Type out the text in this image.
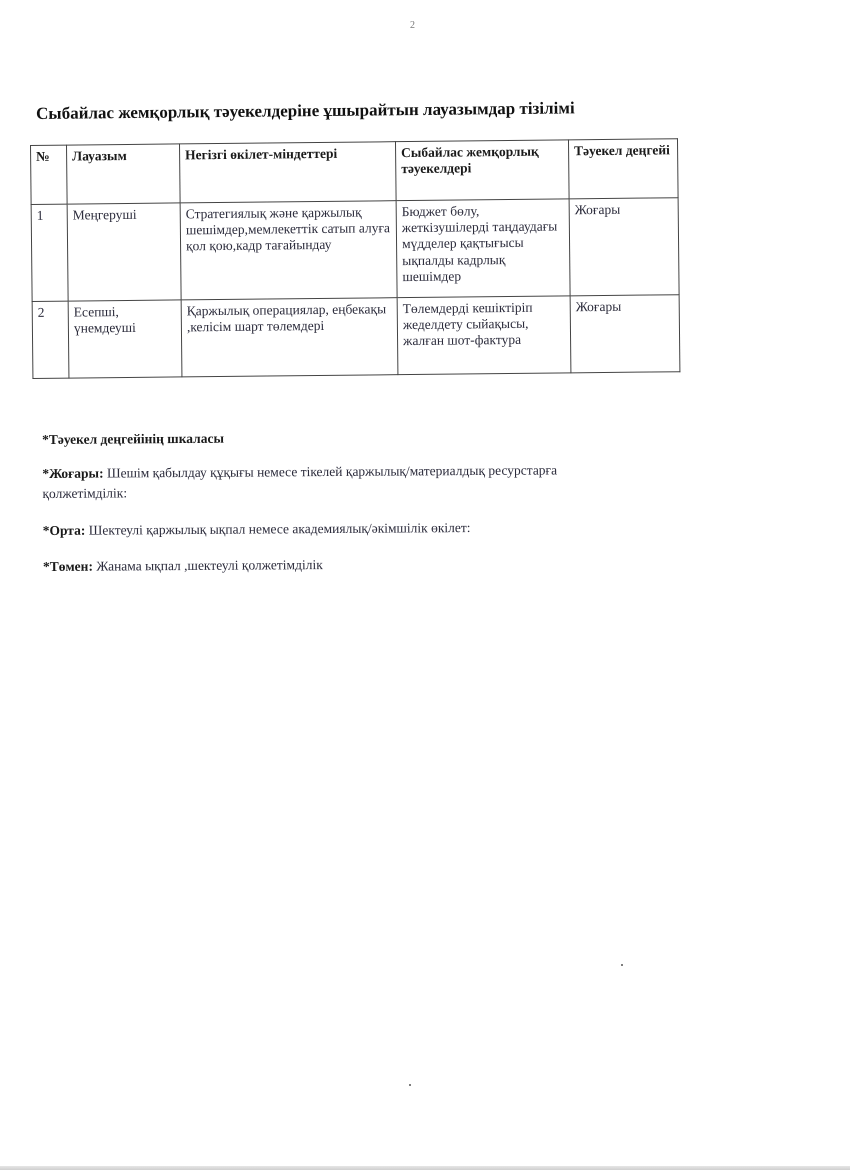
2
Сыбайлас жемқорлық тәуекелдеріне ұшырайтын лауазымдар тізілімі
№	Лауазым	Негізгі өкілет-міндеттері	Сыбайлас жемқорлық тәуекелдері	Тәуекел деңгейі
1	Меңгеруші	Стратегиялық және қаржылық шешімдер,мемлекеттік сатып алуға қол қою,кадр тағайындау	Бюджет бөлу, жеткізушілерді таңдаудағы мүдделер қақтығысы ықпалды кадрлық шешімдер	Жоғары
2	Есепші, үнемдеуші	Қаржылық операциялар, еңбекақы ,келісім шарт төлемдері	Төлемдерді кешіктіріп жеделдету сыйақысы, жалған шот-фактура	Жоғары
*Тәуекел деңгейінің шкаласы
*Жоғары: Шешім қабылдау құқығы немесе тікелей қаржылық/материалдық ресурстарға қолжетімділік:
*Орта: Шектеулі қаржылық ықпал немесе академиялық/әкімшілік өкілет:
*Төмен: Жанама ықпал ,шектеулі қолжетімділік
